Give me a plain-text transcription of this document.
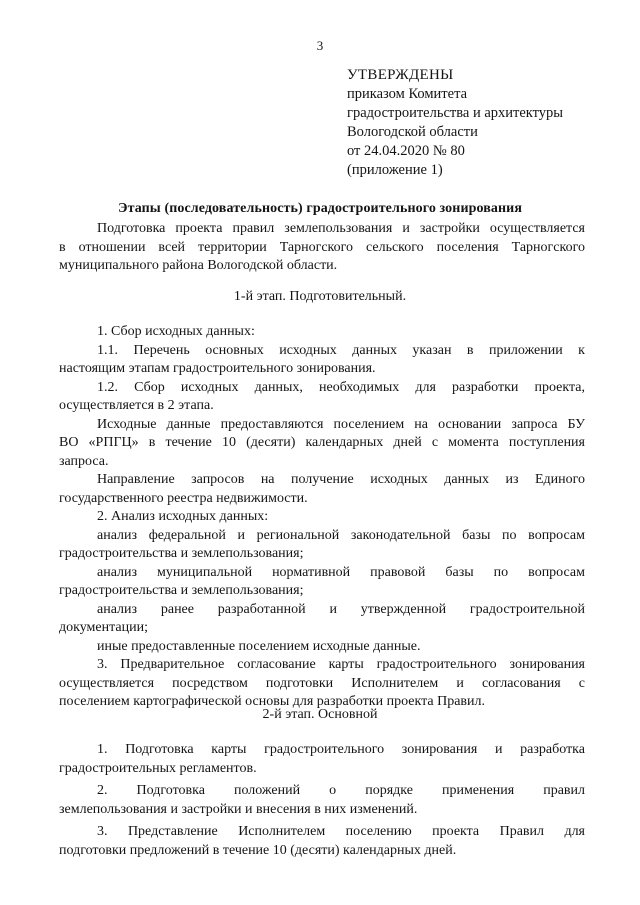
3
УТВЕРЖДЕНЫ
приказом Комитета
градостроительства и архитектуры
Вологодской области
от 24.04.2020 № 80
(приложение 1)
Этапы (последовательность) градостроительного зонирования
Подготовка проекта правил землепользования и застройки осуществляется
в отношении всей территории Тарногского сельского поселения Тарногского
муниципального района Вологодской области.
1-й этап. Подготовительный.
1. Сбор исходных данных:
1.1. Перечень основных исходных данных указан в приложении к
настоящим этапам градостроительного зонирования.
1.2. Сбор исходных данных, необходимых для разработки проекта,
осуществляется в 2 этапа.
Исходные данные предоставляются поселением на основании запроса БУ
ВО «РПГЦ» в течение 10 (десяти) календарных дней с момента поступления
запроса.
Направление запросов на получение исходных данных из Единого
государственного реестра недвижимости.
2. Анализ исходных данных:
анализ федеральной и региональной законодательной базы по вопросам
градостроительства и землепользования;
анализ муниципальной нормативной правовой базы по вопросам
градостроительства и землепользования;
анализ ранее разработанной и утвержденной градостроительной
документации;
иные предоставленные поселением исходные данные.
3. Предварительное согласование карты градостроительного зонирования
осуществляется посредством подготовки Исполнителем и согласования с
поселением картографической основы для разработки проекта Правил.
2-й этап. Основной
1. Подготовка карты градостроительного зонирования и разработка
градостроительных регламентов.
2. Подготовка положений о порядке применения правил
землепользования и застройки и внесения в них изменений.
3. Представление Исполнителем поселению проекта Правил для
подготовки предложений в течение 10 (десяти) календарных дней.
